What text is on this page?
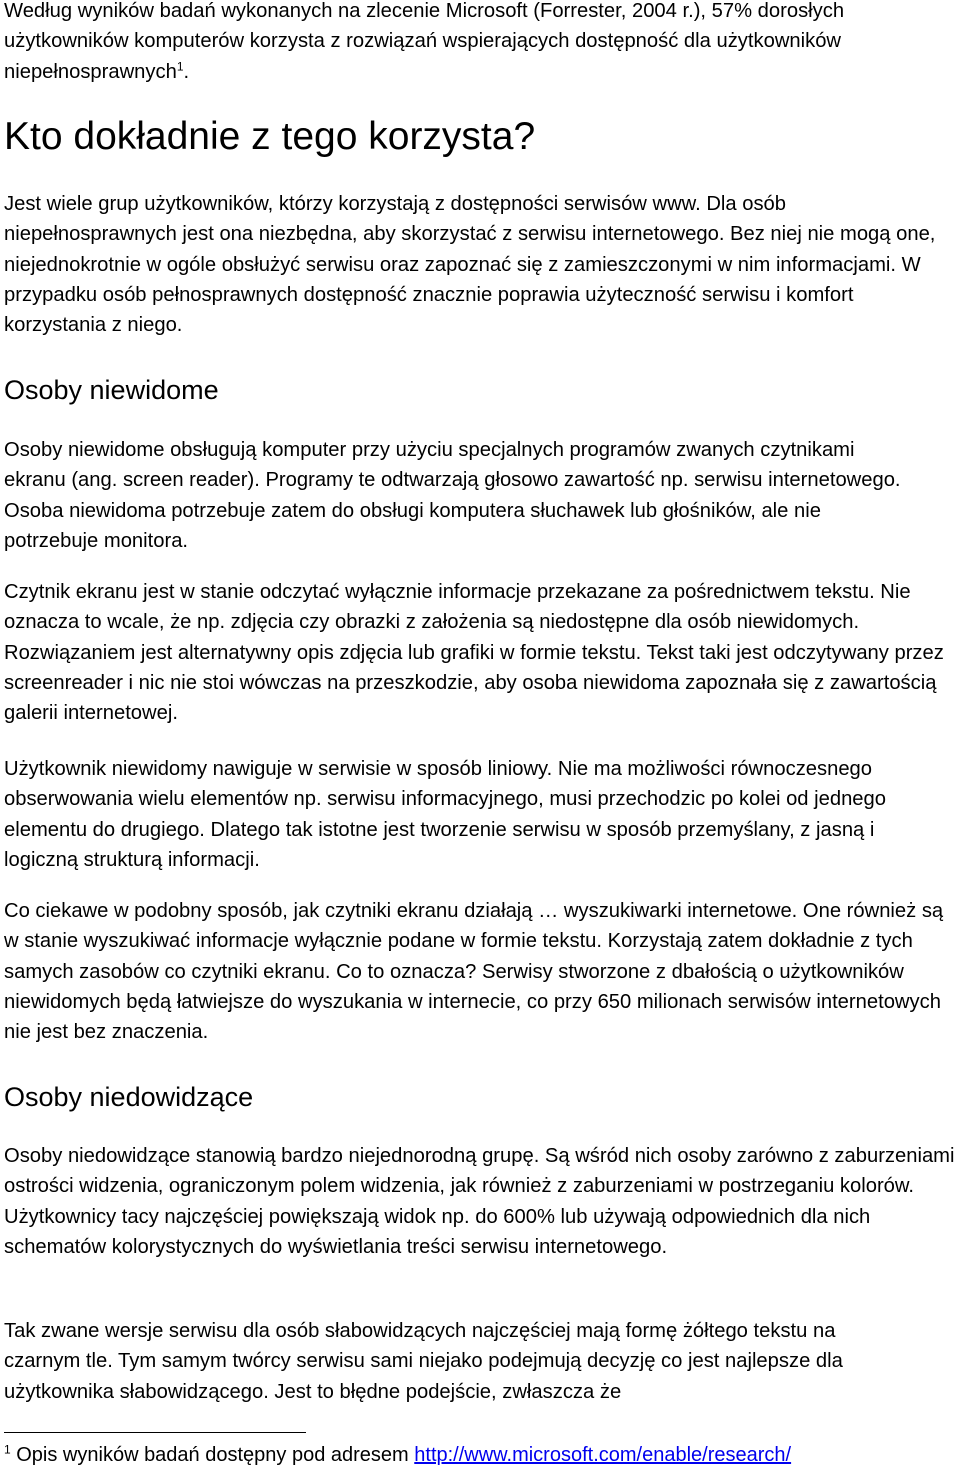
Według wyników badań wykonanych na zlecenie Microsoft (Forrester, 2004 r.), 57% dorosłych użytkowników komputerów korzysta z rozwiązań wspierających dostępność dla użytkowników niepełnosprawnych$^1$.

Kto dokładnie z tego korzysta?

Jest wiele grup użytkowników, którzy korzystają z dostępności serwisów www. Dla osób niepełnosprawnych jest ona niezbędna, aby skorzystać z serwisu internetowego. Bez niej nie mogą one, niejednokrotnie w ogóle obsłużyć serwisu oraz zapoznać się z zamieszczonymi w nim informacjami. W przypadku osób pełnosprawnych dostępność znacznie poprawia użyteczność serwisu i komfort korzystania z niego.

Osoby niewidome

Osoby niewidome obsługują komputer przy użyciu specjalnych programów zwanych czytnikami ekranu (ang. screen reader). Programy te odtwarzają głosowo zawartość np. serwisu internetowego. Osoba niewidoma potrzebuje zatem do obsługi komputera słuchawek lub głośników, ale nie potrzebuje monitora.

Czytnik ekranu jest w stanie odczytać wyłącznie informacje przekazane za pośrednictwem tekstu. Nie oznacza to wcale, że np. zdjęcia czy obrazki z założenia są niedostępne dla osób niewidomych. Rozwiązaniem jest alternatywny opis zdjęcia lub grafiki w formie tekstu. Tekst taki jest odczytywany przez screenreader i nic nie stoi wówczas na przeszkodzie, aby osoba niewidoma zapoznała się z zawartością galerii internetowej.

Użytkownik niewidomy nawiguje w serwisie w sposób liniowy. Nie ma możliwości równoczesnego obserwowania wielu elementów np. serwisu informacyjnego, musi przechodzic po kolei od jednego elementu do drugiego. Dlatego tak istotne jest tworzenie serwisu w sposób przemyślany, z jasną i logiczną strukturą informacji.

Co ciekawe w podobny sposób, jak czytniki ekranu działają … wyszukiwarki internetowe. One również są w stanie wyszukiwać informacje wyłącznie podane w formie tekstu. Korzystają zatem dokładnie z tych samych zasobów co czytniki ekranu. Co to oznacza? Serwisy stworzone z dbałością o użytkowników niewidomych będą łatwiejsze do wyszukania w internecie, co przy 650 milionach serwisów internetowych nie jest bez znaczenia.

Osoby niedowidzące

Osoby niedowidzące stanowią bardzo niejednorodną grupę. Są wśród nich osoby zarówno z zaburzeniami ostrości widzenia, ograniczonym polem widzenia, jak również z zaburzeniami w postrzeganiu kolorów. Użytkownicy tacy najczęściej powiększają widok np. do 600% lub używają odpowiednich dla nich schematów kolorystycznych do wyświetlania treści serwisu internetowego.

Tak zwane wersje serwisu dla osób słabowidzących najczęściej mają formę żółtego tekstu na czarnym tle. Tym samym twórcy serwisu sami niejako podejmują decyzję co jest najlepsze dla użytkownika słabowidzącego. Jest to błędne podejście, zwłaszcza że

$^1$ Opis wyników badań dostępny pod adresem http://www.microsoft.com/enable/research/
